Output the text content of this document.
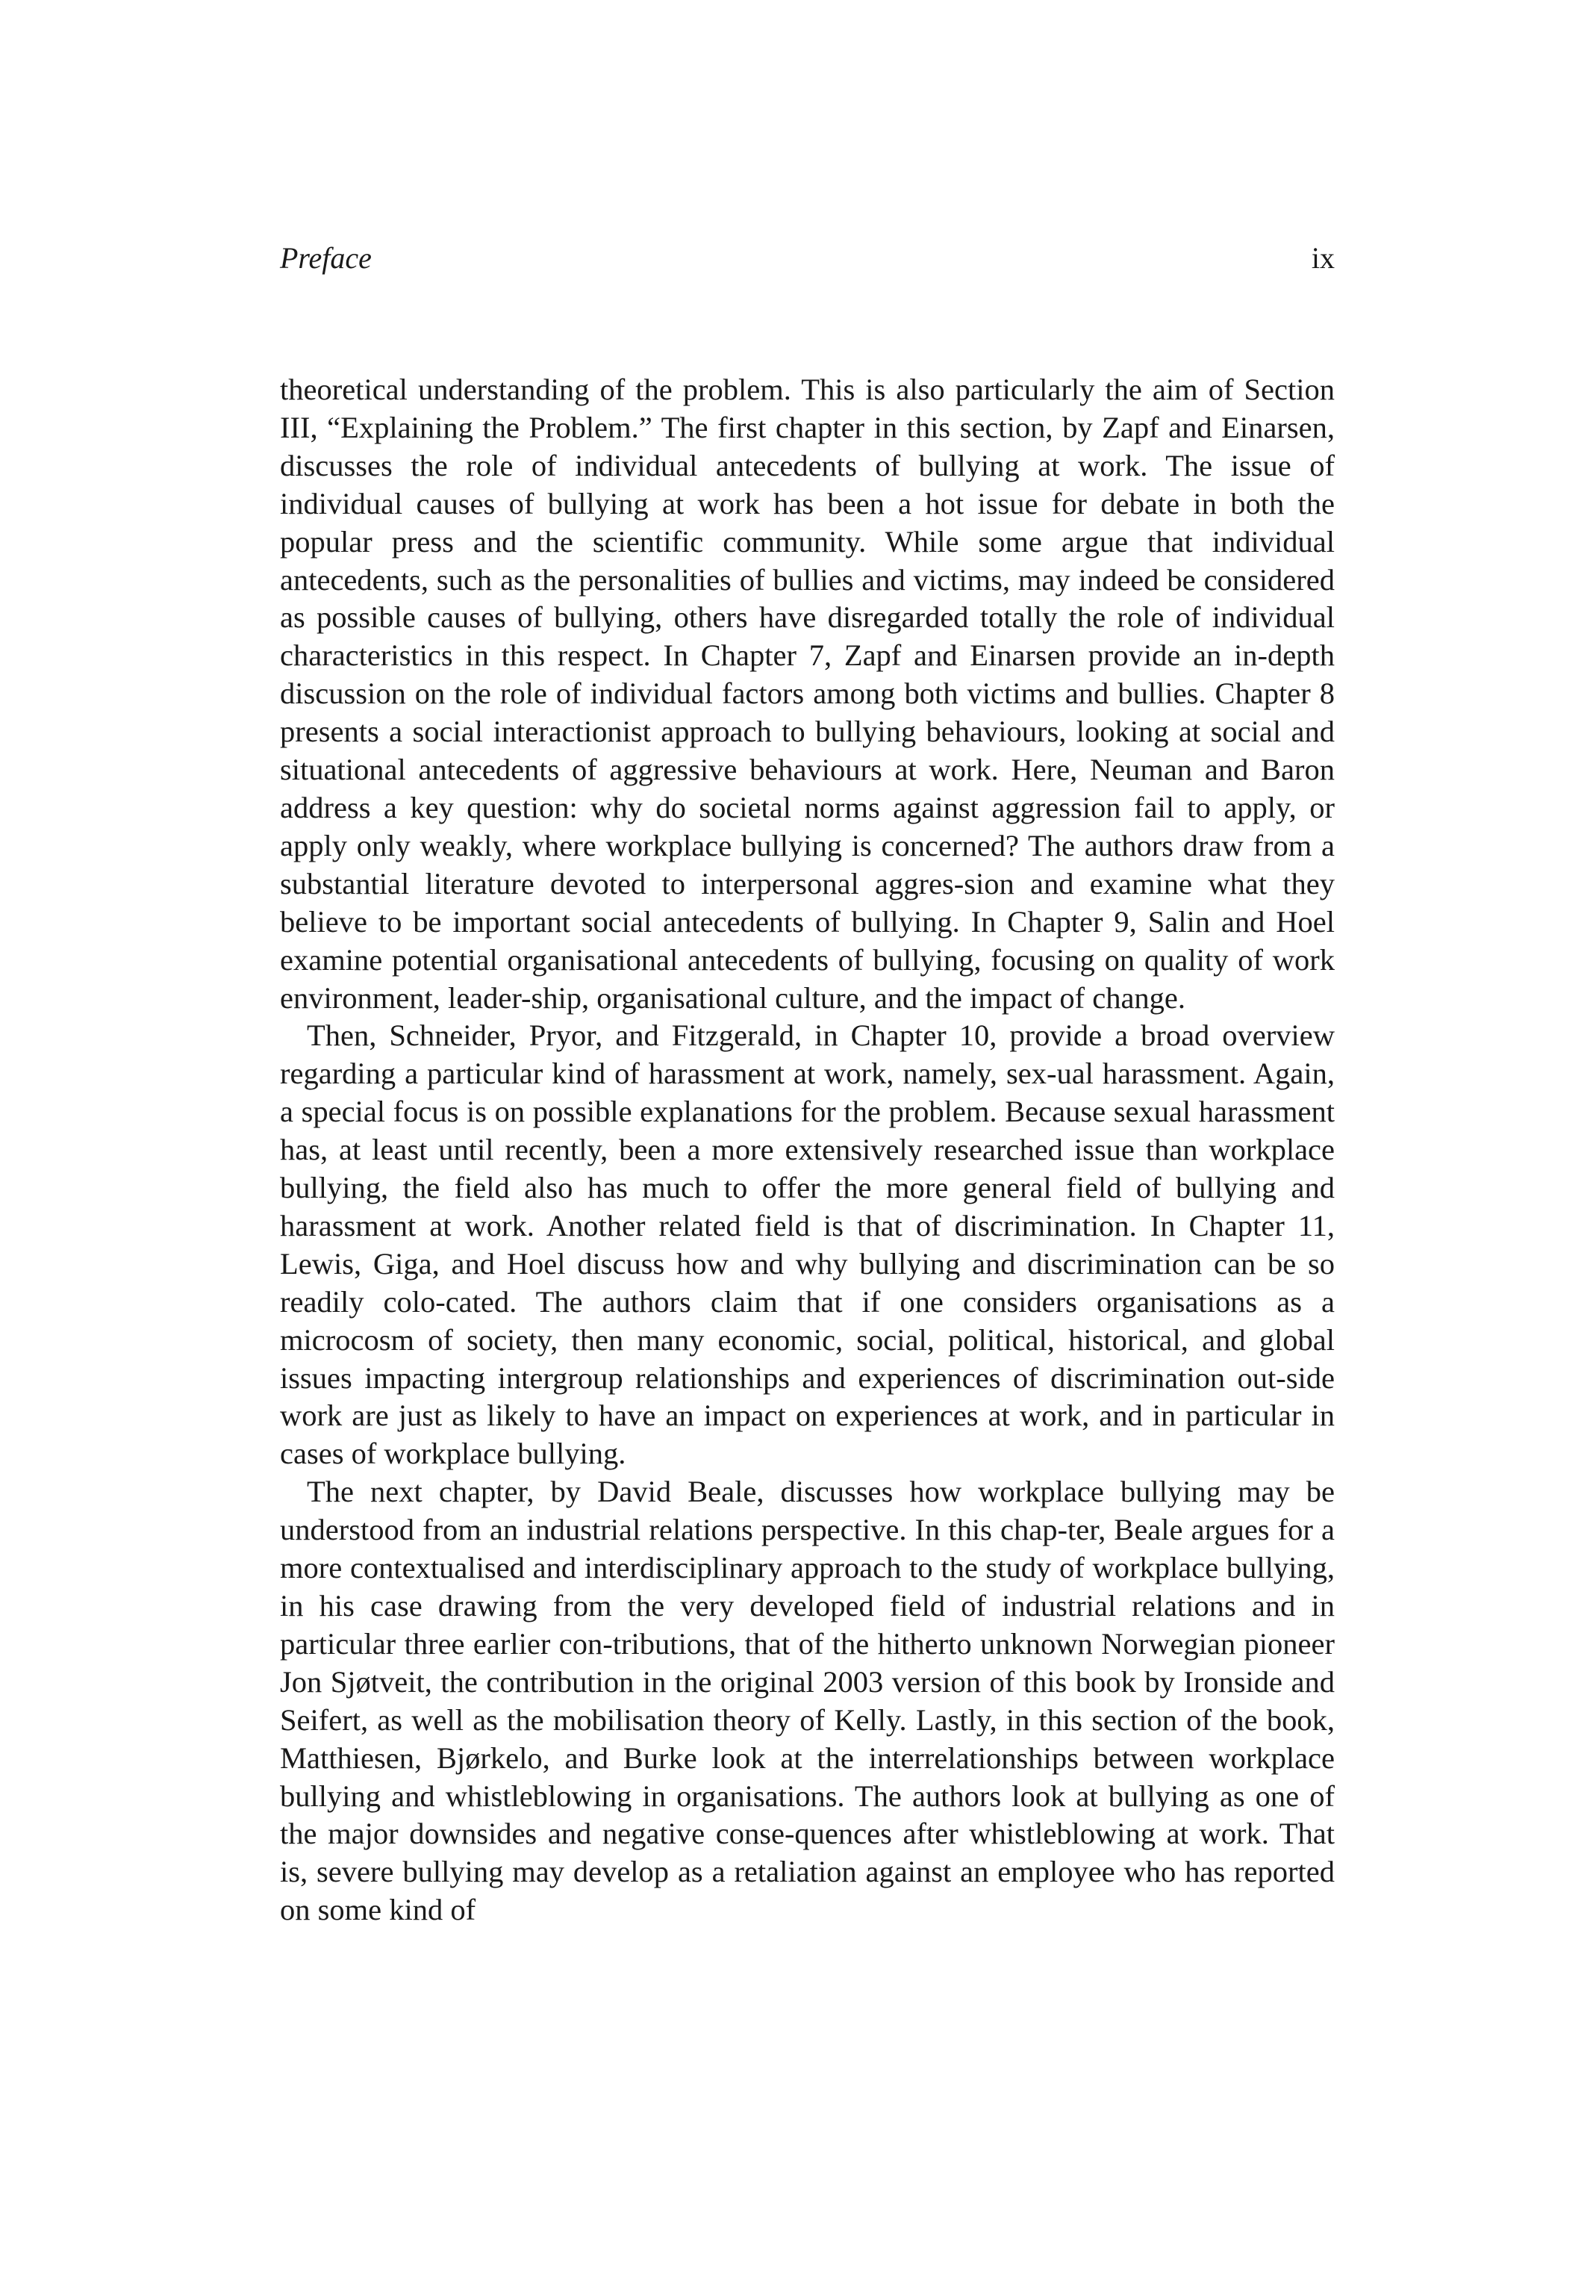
Preface	ix

theoretical understanding of the problem. This is also particularly the aim of Section III, “Explaining the Problem.” The first chapter in this section, by Zapf and Einarsen, discusses the role of individual antecedents of bullying at work. The issue of individual causes of bullying at work has been a hot issue for debate in both the popular press and the scientific community. While some argue that individual antecedents, such as the personalities of bullies and victims, may indeed be considered as possible causes of bullying, others have disregarded totally the role of individual characteristics in this respect. In Chapter 7, Zapf and Einarsen provide an in-depth discussion on the role of individual factors among both victims and bullies. Chapter 8 presents a social interactionist approach to bullying behaviours, looking at social and situational antecedents of aggressive behaviours at work. Here, Neuman and Baron address a key question: why do societal norms against aggression fail to apply, or apply only weakly, where workplace bullying is concerned? The authors draw from a substantial literature devoted to interpersonal aggres-sion and examine what they believe to be important social antecedents of bullying. In Chapter 9, Salin and Hoel examine potential organisational antecedents of bullying, focusing on quality of work environment, leader-ship, organisational culture, and the impact of change.

Then, Schneider, Pryor, and Fitzgerald, in Chapter 10, provide a broad overview regarding a particular kind of harassment at work, namely, sex-ual harassment. Again, a special focus is on possible explanations for the problem. Because sexual harassment has, at least until recently, been a more extensively researched issue than workplace bullying, the field also has much to offer the more general field of bullying and harassment at work. Another related field is that of discrimination. In Chapter 11, Lewis, Giga, and Hoel discuss how and why bullying and discrimination can be so readily colo-cated. The authors claim that if one considers organisations as a microcosm of society, then many economic, social, political, historical, and global issues impacting intergroup relationships and experiences of discrimination out-side work are just as likely to have an impact on experiences at work, and in particular in cases of workplace bullying.

The next chapter, by David Beale, discusses how workplace bullying may be understood from an industrial relations perspective. In this chap-ter, Beale argues for a more contextualised and interdisciplinary approach to the study of workplace bullying, in his case drawing from the very developed field of industrial relations and in particular three earlier con-tributions, that of the hitherto unknown Norwegian pioneer Jon Sjøtveit, the contribution in the original 2003 version of this book by Ironside and Seifert, as well as the mobilisation theory of Kelly. Lastly, in this section of the book, Matthiesen, Bjørkelo, and Burke look at the interrelationships between workplace bullying and whistleblowing in organisations. The authors look at bullying as one of the major downsides and negative conse-quences after whistleblowing at work. That is, severe bullying may develop as a retaliation against an employee who has reported on some kind of
